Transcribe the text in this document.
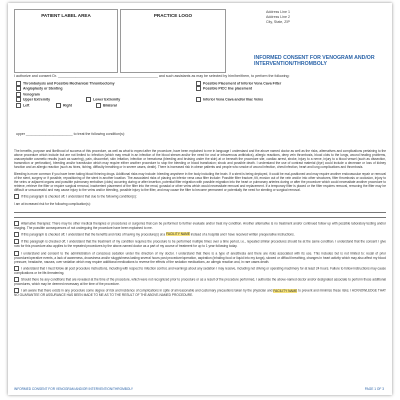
PATIENT LABEL AREA	PRACTICE LOGO
Address Line 1
Address Line 2
City, State, ZIP
INFORMED CONSENT FOR VENOGRAM AND/OR INTERVENTION/THROMBOLY
I authorize and consent Dr. __________________________________________________ and such assistants as may be selected by him/her/them, to perform the following:
Thrombolysis and Possible Mechanical Thrombectomy	Possible Placement of Inferior Vena Cava Filter
Angioplasty or Stenting	Possible PICC line placement
Venogram
Upper Extremity	Lower Extremity	Inferior Vena Cava and/or Iliac Veins
Left	Right	Bilateral
upper ________________________ to treat the following condition(s):

The benefits, purpose and likelihood of success of this procedure, as well as what to expect after the procedure, have been explained to me in language I understand and the above named doctor as well as the risks, alternatives and complications pertaining to the above procedure which include but are not limited to: infection (which may result in an infection of the blood stream and/or the need for oral or intravenous antibiotics), allergic reactions, deep vein thrombosis, blood clots to the lungs, wound healing problems, unacceptable cosmetic results (such as scarring), pain, discomfort, skin irritation, infection or hematoma (bleeding and bruising under the skin) at or beneath the procedure site, cardiac arrest, stroke, injury to a nerve, injury to a blood vessel (such as dissection, transection or perforation), bleeding and/or transfusion which may require either another procedure to stop the bleeding or blood transfusion; shock and possible death. I understand the use of contrast material (dye) could include a decrease or loss of kidney function and an allergic reaction (such as hives, itching, difficulty breathing or in severe cases, death). There is increased risk in obese patients and people who smoke of wound infection, chest infection, heart and lung complications and thrombosis.

Bleeding is more common if you have been taking blood thinning drugs. Additional risks may include: bleeding anywhere in the body including the brain. If a stent is being deployed, it could be mal-positioned and may require another endovascular repair or removal of the stent, surgery or if possible, repositioning of the stent in another location. The associated risks of placing an inferior vena cava filter include: Possible filter fracture, tilt, erosion out of the vein and/or into other structures, filter thrombosis or occlusion, injury to the veins or adjacent organs and possible pulmonary embolism (clots) occurring during or after insertion, potential filter migration with possible migration into the heart or pulmonary arteries during or after the procedure which could necessitate another procedure to retrieve, retrieve the filter or require surgical removal, inadvertent placement of the filter into the renal, gonadal or other veins which would necessitate removal and replacement. If a temporary filter is placed or the filter requires removal, removing the filter may be difficult or unsuccessful and may cause injury to the veins and/or bleeding, possible injury to the filter, and may cause the filter to become permanent or potentially the need for stenting or surgical removal.

If this paragraph is checked off, I understand that due to the following condition(s):

I am at increased risk for the following complication(s):

Alternative therapies: There may be other medical therapies or procedures or surgeries that can be performed to further evaluate and/or treat my condition. Another alternative is no treatment and/or continued follow up with possible laboratory testing and/or imaging. The possible consequences of not undergoing the procedure have been explained to me.

If this paragraph is checked off, I understand that the benefits and risks of having my procedure(s) at a FACILITY NAME instead of a hospital and I have received written preoperative instructions.

If this paragraph is checked off, I understand that the treatment of my condition requires the procedure to be performed multiple times over a time period, i.e., repeated similar procedures should be at the same condition. I understand that the consent I give now for this procedure also applies to the repeated procedures by the above-named doctor as a part of my course of treatment for up to 1 year following today.

I understand and consent to the administration of conscious sedation under the direction of my doctor. I understand that there is a type of anesthesia and there are risks associated with its use. This includes but is not limited to: recall of prior procedure/operative events, a lack of awareness, drowsiness and/or sluggishness lasting several hours post procedure/operation, aspiration (inhaling food or liquid into my lungs), slowed or difficult breathing, changes in heart activity which may also affect my blood pressure, headache, nausea, over sedation which may require additional medications to reverse the effects of the sedation medications, an allergic reaction and, in rare cases death.

I understand that I must follow all post procedure instructions, including with respect to infection control, and warnings about any sedation I may receive, including not driving or operating machinery for at least 24 hours. Failure to follow instructions may cause complications or be life-threatening.

Should there be any conditions that are revealed at the time of the procedure, which were not recognized prior to procedure or as a result of the procedure performed, I authorize the above-named doctor and/or designated associate to perform those additional procedures, which may be deemed necessary at the time of the procedure.

I am aware that there exists in any procedure some degree of risk and incidence of complications in spite of all reasonable and customary precautions taken by the physician and FACILITY NAME to prevent and minimize these risks. I ACKNOWLEDGE THAT NO GUARANTEE OR ASSURANCE HAS BEEN MADE TO ME AS TO THE RESULT OF THE ABOVE-NAMED PROCEDURE.

INFORMED CONSENT FOR VENOGRAM AND/OR INTERVENTION/THROMBOLY	PAGE 1 OF 3
